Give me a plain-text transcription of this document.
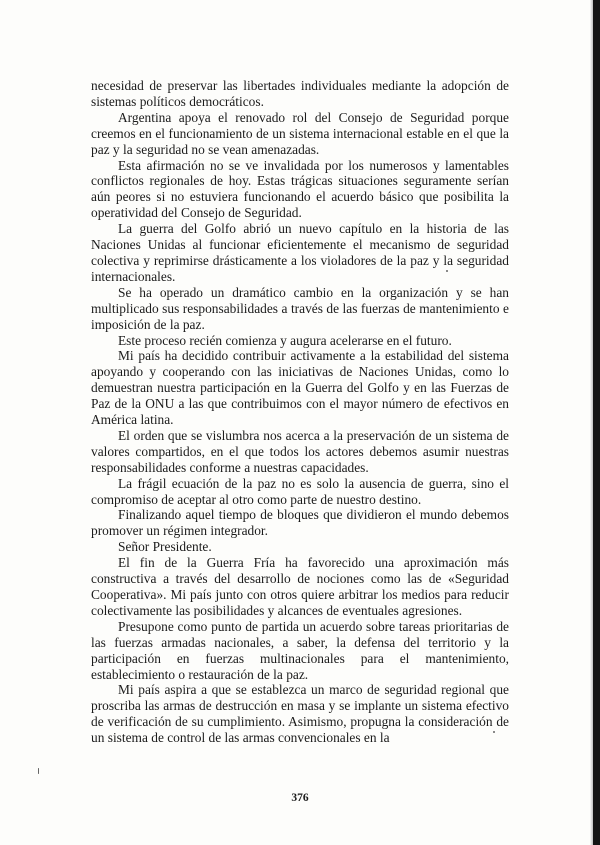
necesidad de preservar las libertades individuales mediante la adopción de sistemas políticos democráticos.

Argentina apoya el renovado rol del Consejo de Seguridad porque creemos en el funcionamiento de un sistema internacional estable en el que la paz y la seguridad no se vean amenazadas.

Esta afirmación no se ve invalidada por los numerosos y lamentables conflictos regionales de hoy. Estas trágicas situaciones seguramente serían aún peores si no estuviera funcionando el acuerdo básico que posibilita la operatividad del Consejo de Seguridad.

La guerra del Golfo abrió un nuevo capítulo en la historia de las Naciones Unidas al funcionar eficientemente el mecanismo de seguridad colectiva y reprimirse drásticamente a los violadores de la paz y la seguridad internacionales.

Se ha operado un dramático cambio en la organización y se han multiplicado sus responsabilidades a través de las fuerzas de mantenimiento e imposición de la paz.

Este proceso recién comienza y augura acelerarse en el futuro.

Mi país ha decidido contribuir activamente a la estabilidad del sistema apoyando y cooperando con las iniciativas de Naciones Unidas, como lo demuestran nuestra participación en la Guerra del Golfo y en las Fuerzas de Paz de la ONU a las que contribuimos con el mayor número de efectivos en América latina.

El orden que se vislumbra nos acerca a la preservación de un sistema de valores compartidos, en el que todos los actores debemos asumir nuestras responsabilidades conforme a nuestras capacidades.

La frágil ecuación de la paz no es solo la ausencia de guerra, sino el compromiso de aceptar al otro como parte de nuestro destino.

Finalizando aquel tiempo de bloques que dividieron el mundo debemos promover un régimen integrador.

Señor Presidente.

El fin de la Guerra Fría ha favorecido una aproximación más constructiva a través del desarrollo de nociones como las de «Seguridad Cooperativa». Mi país junto con otros quiere arbitrar los medios para reducir colectivamente las posibilidades y alcances de eventuales agresiones.

Presupone como punto de partida un acuerdo sobre tareas prioritarias de las fuerzas armadas nacionales, a saber, la defensa del territorio y la participación en fuerzas multinacionales para el mantenimiento, establecimiento o restauración de la paz.

Mi país aspira a que se establezca un marco de seguridad regional que proscriba las armas de destrucción en masa y se implante un sistema efectivo de verificación de su cumplimiento. Asimismo, propugna la consideración de un sistema de control de las armas convencionales en la

376
